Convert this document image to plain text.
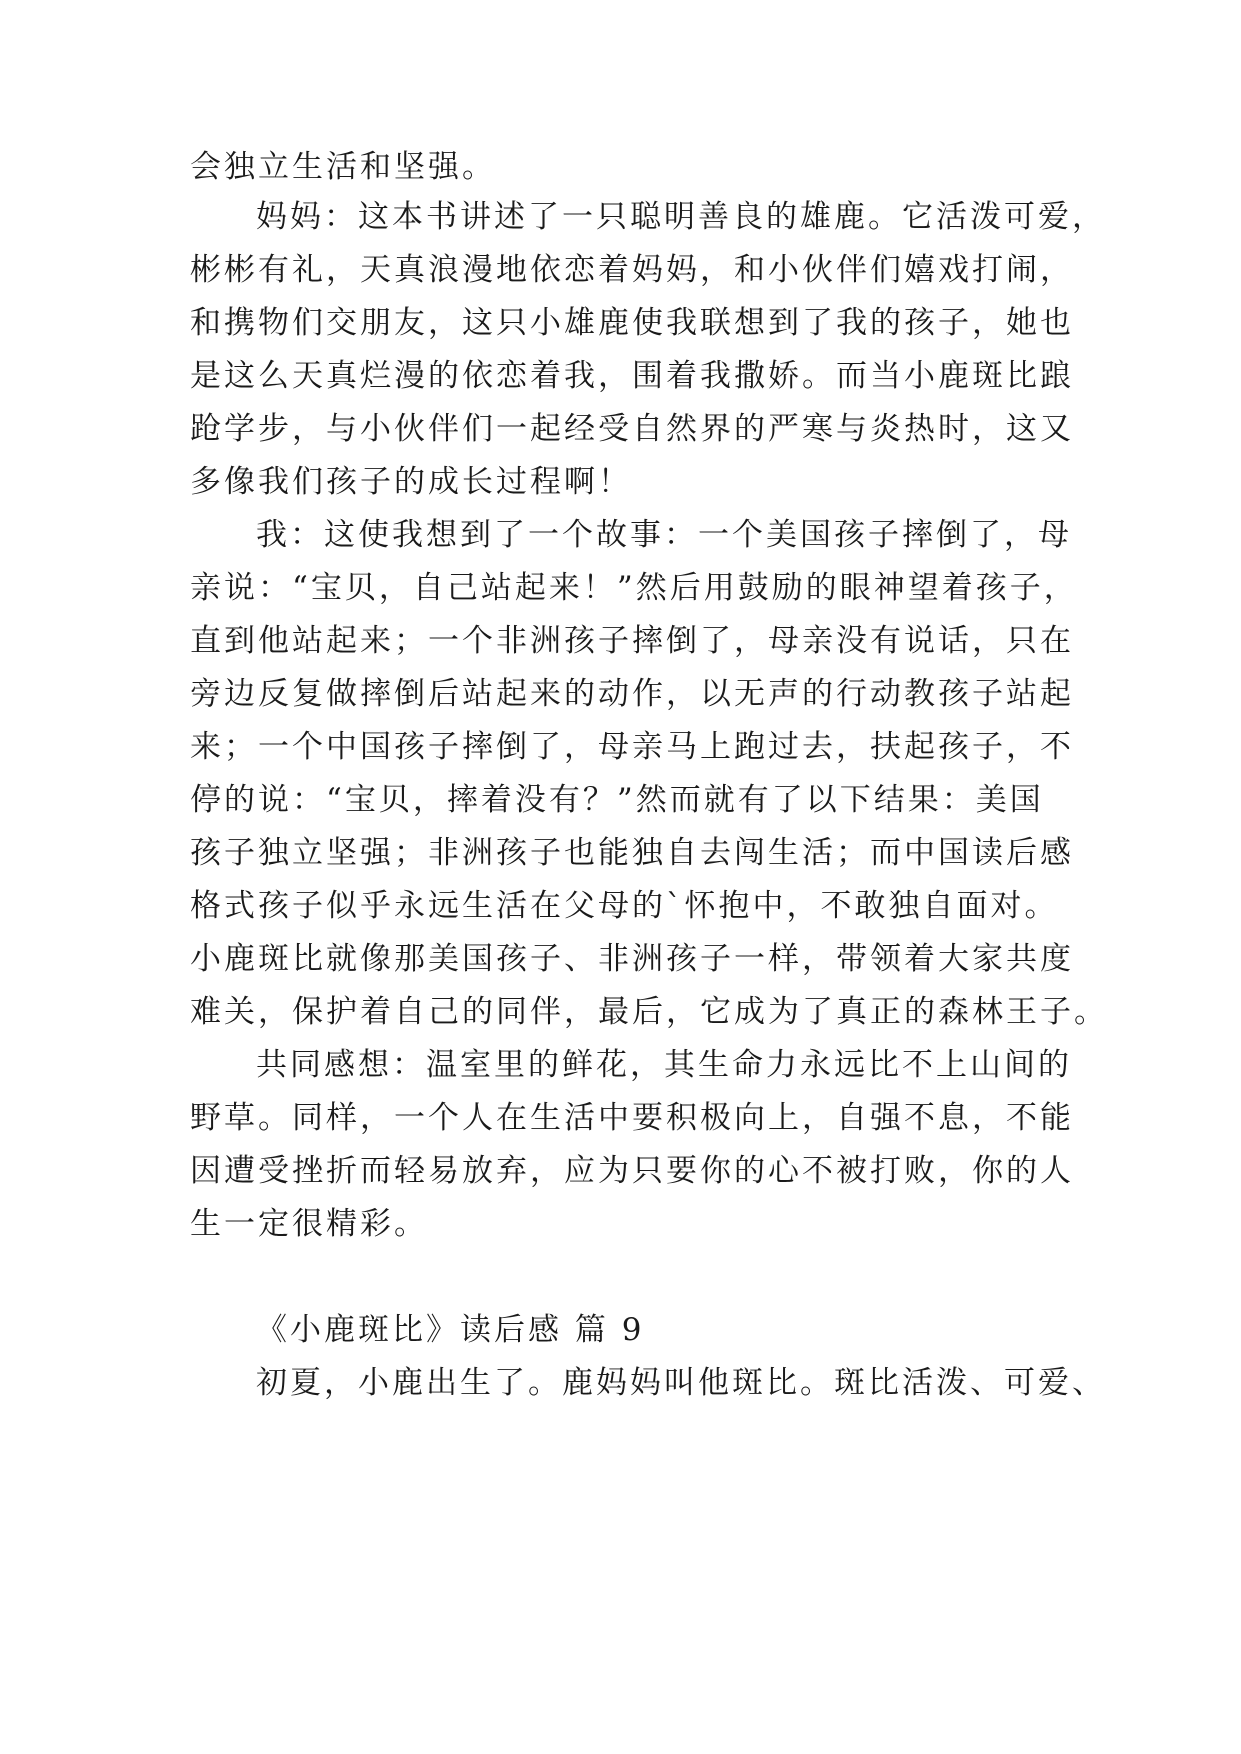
会独立生活和坚强。
妈妈：这本书讲述了一只聪明善良的雄鹿。它活泼可爱，
彬彬有礼，天真浪漫地依恋着妈妈，和小伙伴们嬉戏打闹，
和携物们交朋友，这只小雄鹿使我联想到了我的孩子，她也
是这么天真烂漫的依恋着我，围着我撒娇。而当小鹿斑比踉
跄学步，与小伙伴们一起经受自然界的严寒与炎热时，这又
多像我们孩子的成长过程啊！
我：这使我想到了一个故事：一个美国孩子摔倒了，母
亲说：“宝贝，自己站起来！”然后用鼓励的眼神望着孩子，
直到他站起来；一个非洲孩子摔倒了，母亲没有说话，只在
旁边反复做摔倒后站起来的动作，以无声的行动教孩子站起
来；一个中国孩子摔倒了，母亲马上跑过去，扶起孩子，不
停的说：“宝贝，摔着没有？”然而就有了以下结果：美国
孩子独立坚强；非洲孩子也能独自去闯生活；而中国读后感
格式孩子似乎永远生活在父母的`怀抱中，不敢独自面对。
小鹿斑比就像那美国孩子、非洲孩子一样，带领着大家共度
难关，保护着自己的同伴，最后，它成为了真正的森林王子。
共同感想：温室里的鲜花，其生命力永远比不上山间的
野草。同样，一个人在生活中要积极向上，自强不息，不能
因遭受挫折而轻易放弃，应为只要你的心不被打败，你的人
生一定很精彩。
《小鹿斑比》读后感 篇 9
初夏，小鹿出生了。鹿妈妈叫他斑比。斑比活泼、可爱、
